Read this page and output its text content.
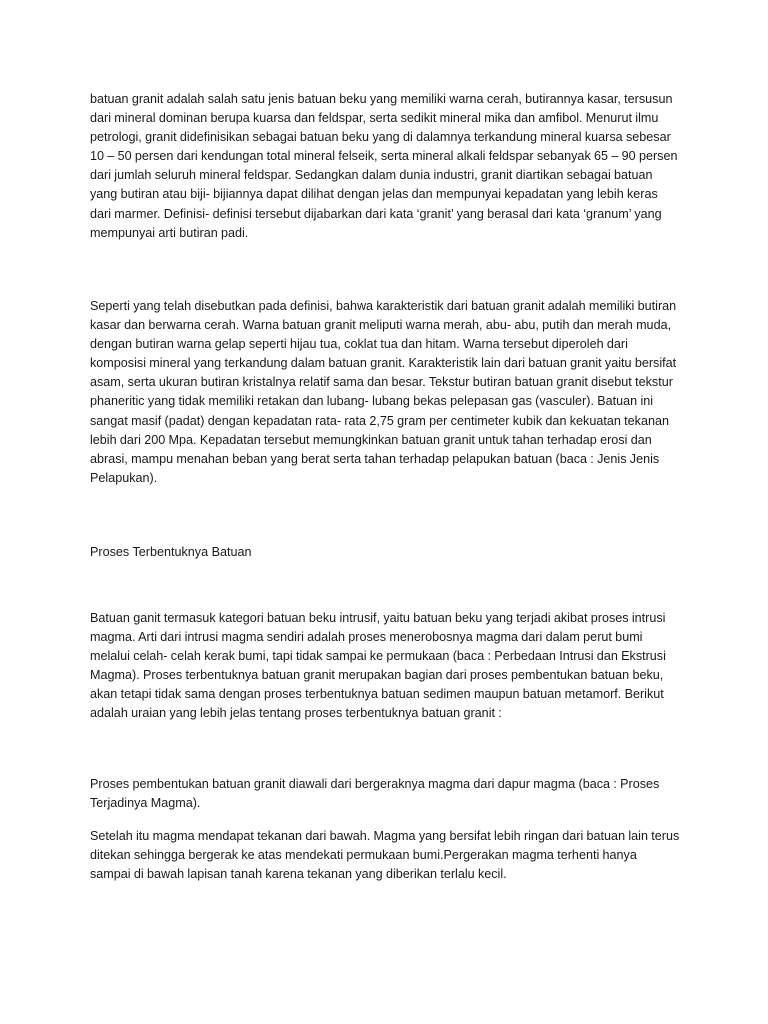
batuan granit adalah salah satu jenis batuan beku yang memiliki warna cerah, butirannya kasar, tersusun dari mineral dominan berupa kuarsa dan feldspar, serta sedikit mineral mika dan amfibol. Menurut ilmu petrologi, granit didefinisikan sebagai batuan beku yang di dalamnya terkandung mineral kuarsa sebesar 10 – 50 persen dari kendungan total mineral felseik, serta mineral alkali feldspar sebanyak 65 – 90 persen dari jumlah seluruh mineral feldspar. Sedangkan dalam dunia industri, granit diartikan sebagai batuan yang butiran atau biji- bijiannya dapat dilihat dengan jelas dan mempunyai kepadatan yang lebih keras dari marmer. Definisi- definisi tersebut dijabarkan dari kata ‘granit’ yang berasal dari kata ‘granum’ yang mempunyai arti butiran padi.

Seperti yang telah disebutkan pada definisi, bahwa karakteristik dari batuan granit adalah memiliki butiran kasar dan berwarna cerah. Warna batuan granit meliputi warna merah, abu- abu, putih dan merah muda, dengan butiran warna gelap seperti hijau tua, coklat tua dan hitam. Warna tersebut diperoleh dari komposisi mineral yang terkandung dalam batuan granit. Karakteristik lain dari batuan granit yaitu bersifat asam, serta ukuran butiran kristalnya relatif sama dan besar. Tekstur butiran batuan granit disebut tekstur phaneritic yang tidak memiliki retakan dan lubang- lubang bekas pelepasan gas (vasculer). Batuan ini sangat masif (padat) dengan kepadatan rata- rata 2,75 gram per centimeter kubik dan kekuatan tekanan lebih dari 200 Mpa. Kepadatan tersebut memungkinkan batuan granit untuk tahan terhadap erosi dan abrasi, mampu menahan beban yang berat serta tahan terhadap pelapukan batuan (baca : Jenis Jenis Pelapukan).

Proses Terbentuknya Batuan

Batuan ganit termasuk kategori batuan beku intrusif, yaitu batuan beku yang terjadi akibat proses intrusi magma. Arti dari intrusi magma sendiri adalah proses menerobosnya magma dari dalam perut bumi melalui celah- celah kerak bumi, tapi tidak sampai ke permukaan (baca : Perbedaan Intrusi dan Ekstrusi Magma). Proses terbentuknya batuan granit merupakan bagian dari proses pembentukan batuan beku, akan tetapi tidak sama dengan proses terbentuknya batuan sedimen maupun batuan metamorf. Berikut adalah uraian yang lebih jelas tentang proses terbentuknya batuan granit :

Proses pembentukan batuan granit diawali dari bergeraknya magma dari dapur magma (baca : Proses Terjadinya Magma).

Setelah itu magma mendapat tekanan dari bawah. Magma yang bersifat lebih ringan dari batuan lain terus ditekan sehingga bergerak ke atas mendekati permukaan bumi.Pergerakan magma terhenti hanya sampai di bawah lapisan tanah karena tekanan yang diberikan terlalu kecil.
